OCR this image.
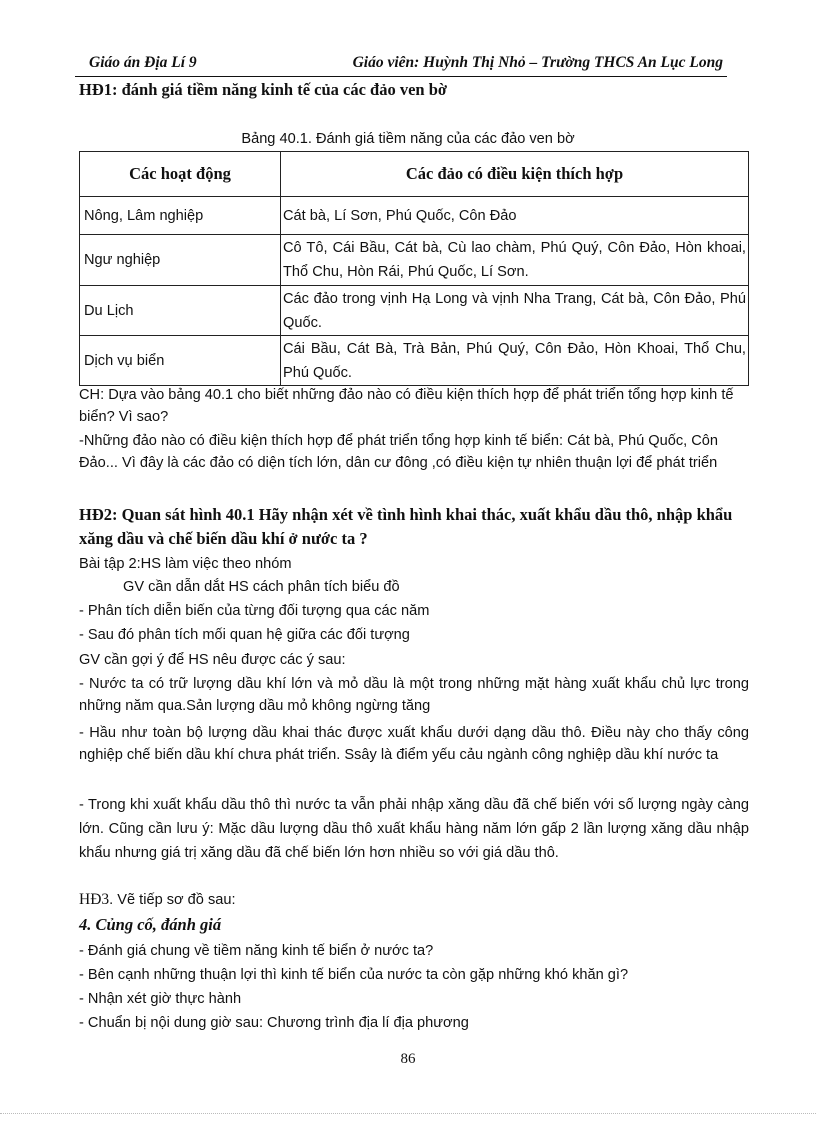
Giáo án Địa Lí 9	Giáo viên: Huỳnh Thị Nhỏ – Trường THCS An Lục Long
HĐ1: đánh giá tiềm năng kinh tế của các đảo ven bờ
Bảng 40.1. Đánh giá tiềm năng của các đảo ven bờ
Các hoạt động	Các đảo có điều kiện thích hợp
Nông, Lâm nghiệp	Cát bà, Lí Sơn, Phú Quốc, Côn Đảo
Ngư nghiệp	Cô Tô, Cái Bầu, Cát bà, Cù lao chàm, Phú Quý, Côn Đảo, Hòn khoai, Thổ Chu, Hòn Rái, Phú Quốc, Lí Sơn.
Du Lịch	Các đảo trong vịnh Hạ Long và vịnh Nha Trang, Cát bà, Côn Đảo, Phú Quốc.
Dịch vụ biển	Cái Bầu, Cát Bà, Trà Bản, Phú Quý, Côn Đảo, Hòn Khoai, Thổ Chu, Phú Quốc.
CH: Dựa vào bảng 40.1 cho biết những đảo nào có điều kiện thích hợp để phát triển tổng hợp kinh tế biển? Vì sao?
-Những đảo nào có điều kiện thích hợp để phát triển tổng hợp kinh tế biển: Cát bà, Phú Quốc, Côn Đảo... Vì đây là các đảo có diện tích lớn, dân cư đông ,có điều kiện tự nhiên thuận lợi để phát triển
HĐ2: Quan sát hình 40.1 Hãy nhận xét về tình hình khai thác, xuất khẩu dầu thô, nhập khẩu xăng dầu và chế biến dầu khí ở nước ta ?
Bài tập 2:HS làm việc theo nhóm
GV cần dẫn dắt HS cách phân tích biểu đồ
- Phân tích diễn biến của từng đối tượng qua các năm
- Sau đó phân tích mối quan hệ giữa các đối tượng
GV cần gợi ý để HS nêu được các ý sau:
- Nước ta có trữ lượng dầu khí lớn và mỏ dầu là một trong những mặt hàng xuất khẩu chủ lực trong những năm qua.Sản lượng dầu mỏ không ngừng tăng
- Hầu như toàn bộ lượng dầu khai thác được xuất khẩu dưới dạng dầu thô. Điều này cho thấy công nghiệp chế biến dầu khí chưa phát triển. Ssây là điểm yếu cảu ngành công nghiệp dầu khí nước ta
- Trong khi xuất khẩu dầu thô thì nước ta vẫn phải nhập xăng dầu đã chế biến với số lượng ngày càng lớn. Cũng cần lưu ý: Mặc dầu lượng dầu thô xuất khẩu hàng năm lớn gấp 2 lần lượng xăng dầu nhập khẩu nhưng giá trị xăng dầu đã chế biến lớn hơn nhiều so với giá dầu thô.
HĐ3. Vẽ tiếp sơ đồ sau:
4. Củng cố, đánh giá
- Đánh giá chung về tiềm năng kinh tế biển ở nước ta?
- Bên cạnh những thuận lợi thì kinh tế biển của nước ta còn gặp những khó khăn gì?
- Nhận xét giờ thực hành
- Chuẩn bị nội dung giờ sau: Chương trình địa lí địa phương
86
